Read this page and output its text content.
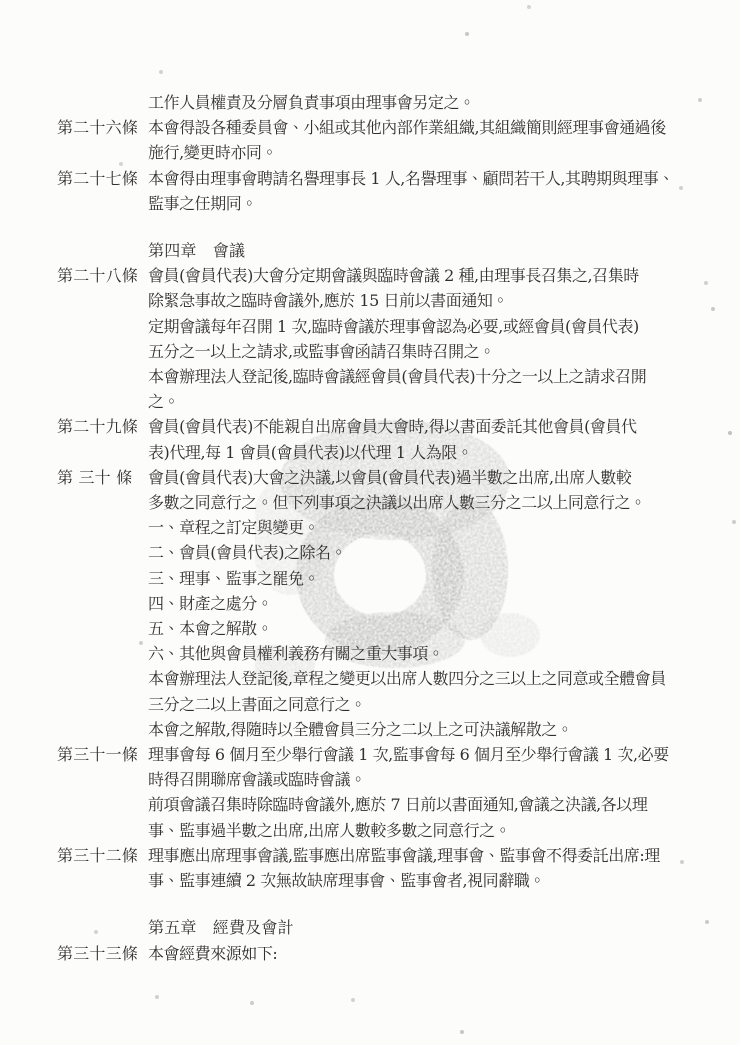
工作人員權責及分層負責事項由理事會另定之。
第二十六條 本會得設各種委員會、小組或其他內部作業組織,其組織簡則經理事會通過後
施行,變更時亦同。
第二十七條 本會得由理事會聘請名譽理事長 1 人,名譽理事、顧問若干人,其聘期與理事、
監事之任期同。
第四章　會議
第二十八條 會員(會員代表)大會分定期會議與臨時會議 2 種,由理事長召集之,召集時
除緊急事故之臨時會議外,應於 15 日前以書面通知。
定期會議每年召開 1 次,臨時會議於理事會認為必要,或經會員(會員代表)
五分之一以上之請求,或監事會函請召集時召開之。
本會辦理法人登記後,臨時會議經會員(會員代表)十分之一以上之請求召開
之。
第二十九條 會員(會員代表)不能親自出席會員大會時,得以書面委託其他會員(會員代
表)代理,每 1 會員(會員代表)以代理 1 人為限。
第 三十 條 會員(會員代表)大會之決議,以會員(會員代表)過半數之出席,出席人數較
多數之同意行之。但下列事項之決議以出席人數三分之二以上同意行之。
一、章程之訂定與變更。
二、會員(會員代表)之除名。
三、理事、監事之罷免。
四、財產之處分。
五、本會之解散。
六、其他與會員權利義務有關之重大事項。
本會辦理法人登記後,章程之變更以出席人數四分之三以上之同意或全體會員
三分之二以上書面之同意行之。
本會之解散,得隨時以全體會員三分之二以上之可決議解散之。
第三十一條 理事會每 6 個月至少舉行會議 1 次,監事會每 6 個月至少舉行會議 1 次,必要
時得召開聯席會議或臨時會議。
前項會議召集時除臨時會議外,應於 7 日前以書面通知,會議之決議,各以理
事、監事過半數之出席,出席人數較多數之同意行之。
第三十二條 理事應出席理事會議,監事應出席監事會議,理事會、監事會不得委託出席:理
事、監事連續 2 次無故缺席理事會、監事會者,視同辭職。
第五章　經費及會計
第三十三條 本會經費來源如下:
